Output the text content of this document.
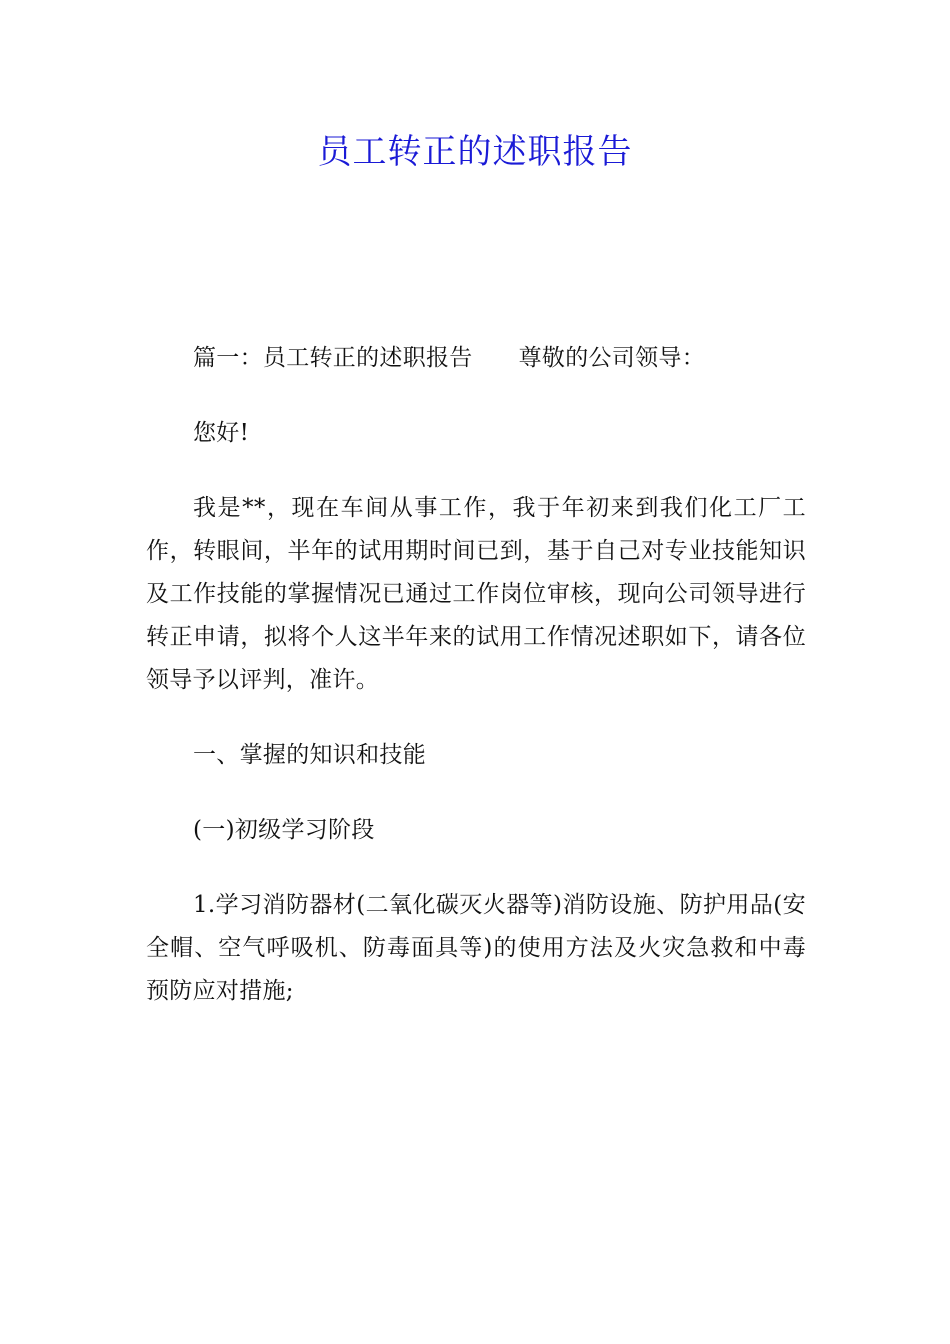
员工转正的述职报告

篇一：员工转正的述职报告 尊敬的公司领导：

您好!

我是**，现在车间从事工作，我于年初来到我们化工厂工作，转眼间，半年的试用期时间已到，基于自己对专业技能知识及工作技能的掌握情况已通过工作岗位审核，现向公司领导进行转正申请，拟将个人这半年来的试用工作情况述职如下，请各位领导予以评判，准许。

一、掌握的知识和技能

(一)初级学习阶段

1.学习消防器材(二氧化碳灭火器等)消防设施、防护用品(安全帽、空气呼吸机、防毒面具等)的使用方法及火灾急救和中毒预防应对措施;
